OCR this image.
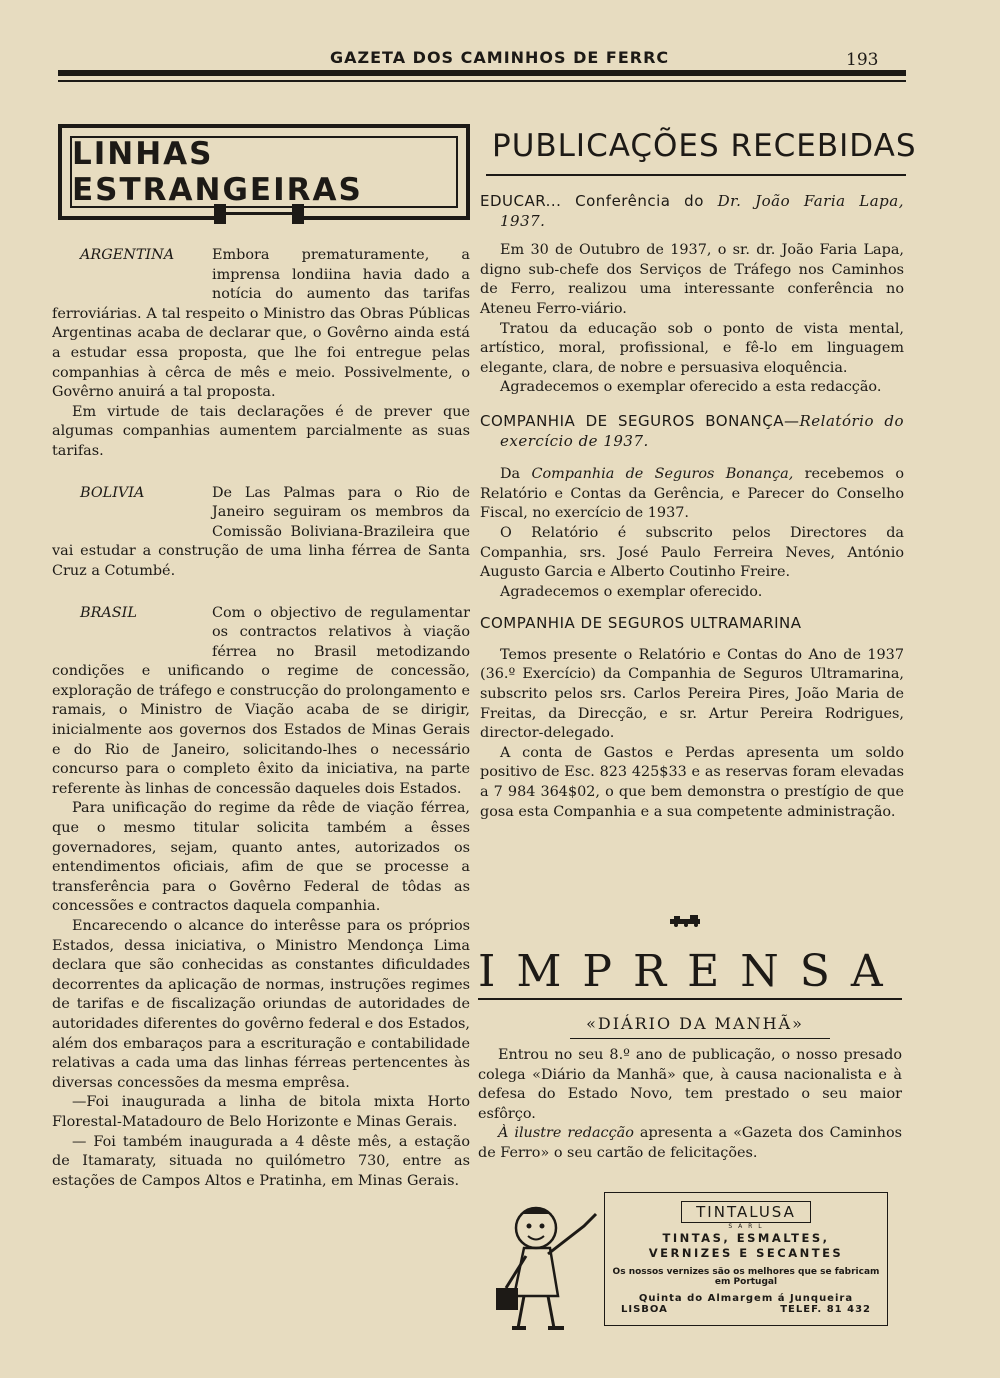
GAZETA DOS CAMINHOS DE FERRC	193
LINHAS ESTRANGEIRAS
ARGENTINA	Embora prematuramente, a imprensa londiina havia dado a notícia do aumento das tarifas ferroviárias. A tal respeito o Ministro das Obras Públicas Argentinas acaba de declarar que, o Govêrno ainda está a estudar essa proposta, que lhe foi entregue pelas companhias à cêrca de mês e meio. Possivelmente, o Govêrno anuirá a tal proposta.

Em virtude de tais declarações é de prever que algumas companhias aumentem parcialmente as suas tarifas.

BOLIVIA	De Las Palmas para o Rio de Janeiro seguiram os membros da Comissão Boliviana-Brazileira que vai estudar a construção de uma linha férrea de Santa Cruz a Cotumbé.

BRASIL	Com o objectivo de regulamentar os contractos relativos à viação férrea no Brasil metodizando condições e unificando o regime de concessão, exploração de tráfego e construcção do prolongamento e ramais, o Ministro de Viação acaba de se dirigir, inicialmente aos governos dos Estados de Minas Gerais e do Rio de Janeiro, solicitando-lhes o necessário concurso para o completo êxito da iniciativa, na parte referente às linhas de concessão daqueles dois Estados.

Para unificação do regime da rêde de viação férrea, que o mesmo titular solicita também a êsses governadores, sejam, quanto antes, autorizados os entendimentos oficiais, afim de que se processe a transferência para o Govêrno Federal de tôdas as concessões e contractos daquela companhia.

Encarecendo o alcance do interêsse para os próprios Estados, dessa iniciativa, o Ministro Mendonça Lima declara que são conhecidas as constantes dificuldades decorrentes da aplicação de normas, instruções regimes de tarifas e de fiscalização oriundas de autoridades de autoridades diferentes do govêrno federal e dos Estados, além dos embaraços para a escrituração e contabilidade relativas a cada uma das linhas férreas pertencentes às diversas concessões da mesma emprêsa.

—Foi inaugurada a linha de bitola mixta Horto Florestal-Matadouro de Belo Horizonte e Minas Gerais.

— Foi também inaugurada a 4 dêste mês, a estação de Itamaraty, situada no quilómetro 730, entre as estações de Campos Altos e Pratinha, em Minas Gerais.

PUBLICAÇÕES RECEBIDAS

EDUCAR... Conferência do Dr. João Faria Lapa, 1937.

Em 30 de Outubro de 1937, o sr. dr. João Faria Lapa, digno sub-chefe dos Serviços de Tráfego nos Caminhos de Ferro, realizou uma interessante conferência no Ateneu Ferro-viário.

Tratou da educação sob o ponto de vista mental, artístico, moral, profissional, e fê-lo em linguagem elegante, clara, de nobre e persuasiva eloquência.

Agradecemos o exemplar oferecido a esta redacção.

COMPANHIA DE SEGUROS BONANÇA—Relatório do exercício de 1937.

Da Companhia de Seguros Bonança, recebemos o Relatório e Contas da Gerência, e Parecer do Conselho Fiscal, no exercício de 1937.

O Relatório é subscrito pelos Directores da Companhia, srs. José Paulo Ferreira Neves, António Augusto Garcia e Alberto Coutinho Freire.

Agradecemos o exemplar oferecido.

COMPANHIA DE SEGUROS ULTRAMARINA

Temos presente o Relatório e Contas do Ano de 1937 (36.º Exercício) da Companhia de Seguros Ultramarina, subscrito pelos srs. Carlos Pereira Pires, João Maria de Freitas, da Direcção, e sr. Artur Pereira Rodrigues, director-delegado.

A conta de Gastos e Perdas apresenta um soldo positivo de Esc. 823 425$33 e as reservas foram elevadas a 7 984 364$02, o que bem demonstra o prestígio de que gosa esta Companhia e a sua competente administração.

IMPRENSA
«DIÁRIO DA MANHÃ»

Entrou no seu 8.º ano de publicação, o nosso presado colega «Diário da Manhã» que, à causa nacionalista e à defesa do Estado Novo, tem prestado o seu maior esfôrço.

À ilustre redacção apresenta a «Gazeta dos Caminhos de Ferro» o seu cartão de felicitações.

TINTALUSA
S A R L
TINTAS, ESMALTES,
VERNIZES E SECANTES
Os nossos vernizes são os melhores que se fabricam em Portugal
Quinta do Almargem á Junqueira
LISBOA	TELEF. 81 432
